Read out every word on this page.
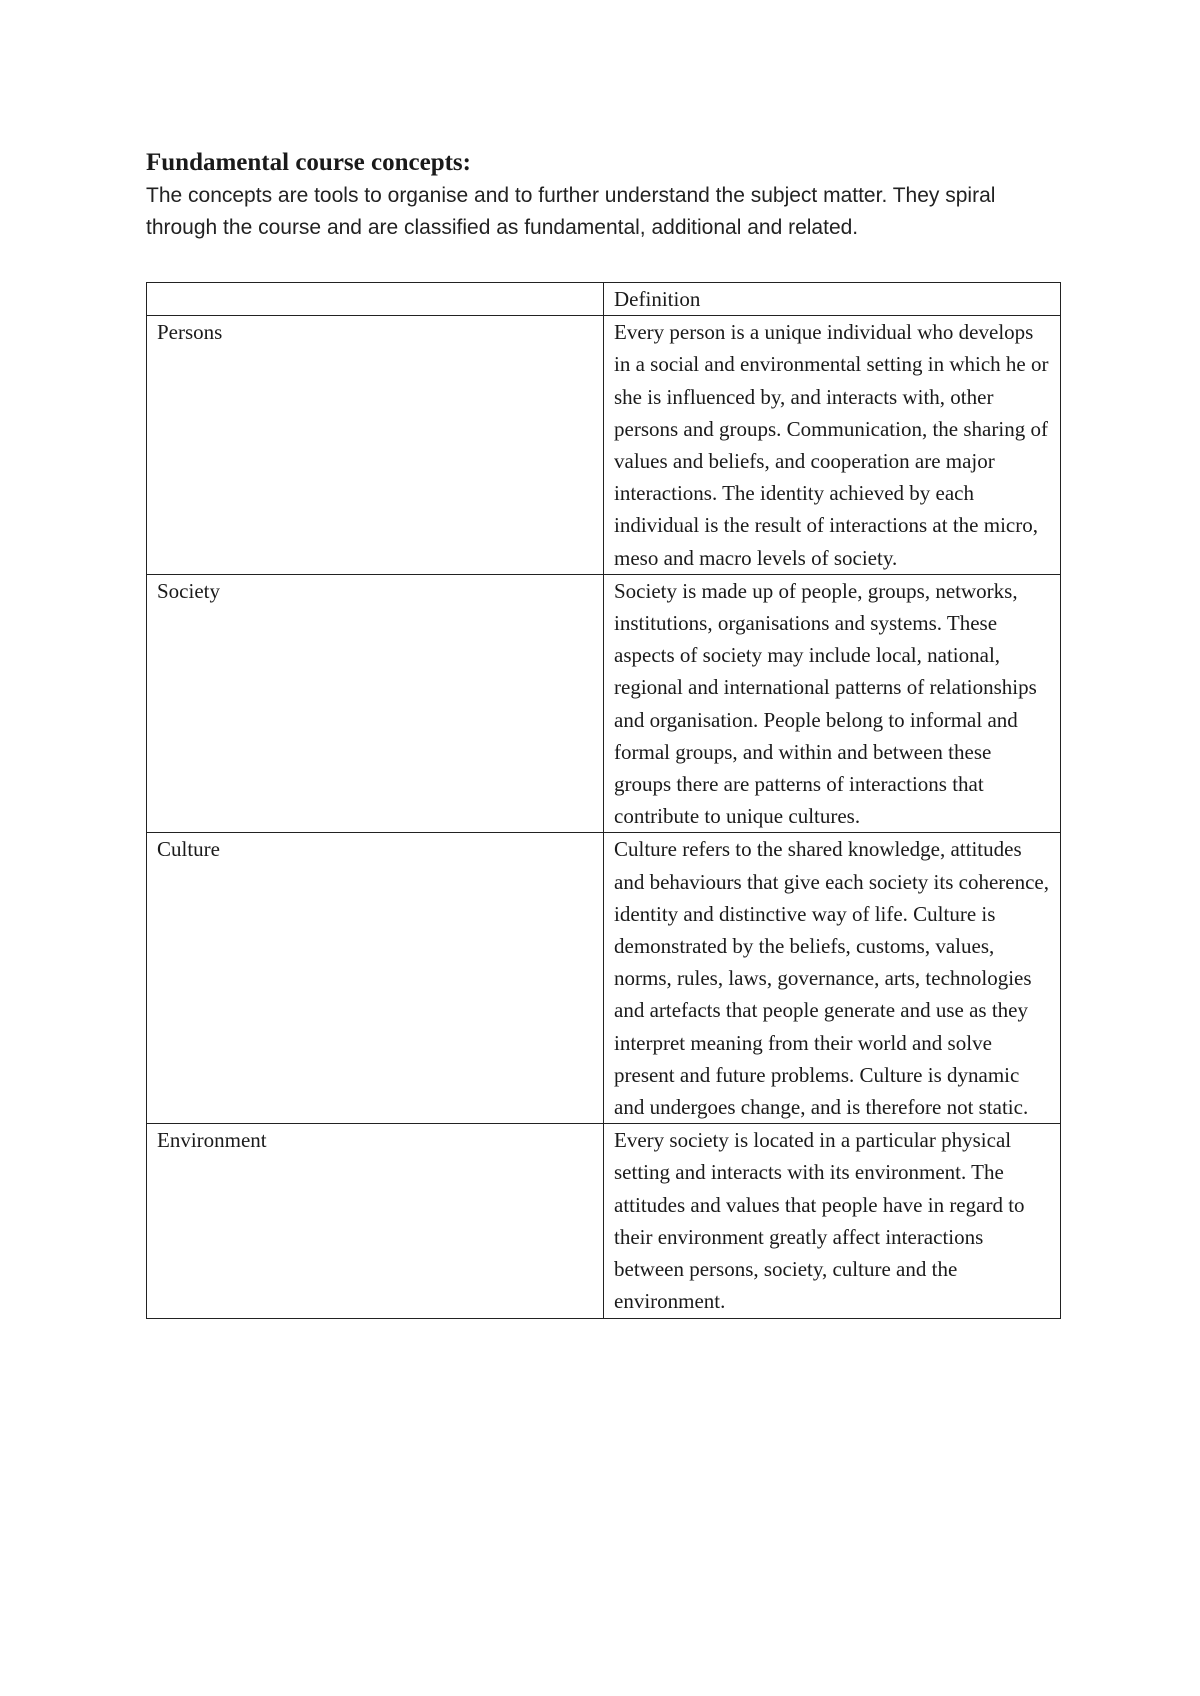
Fundamental course concepts:

The concepts are tools to organise and to further understand the subject matter. They spiral through the course and are classified as fundamental, additional and related.

	Definition
Persons	Every person is a unique individual who develops in a social and environmental setting in which he or she is influenced by, and interacts with, other persons and groups. Communication, the sharing of values and beliefs, and cooperation are major interactions. The identity achieved by each individual is the result of interactions at the micro, meso and macro levels of society.
Society	Society is made up of people, groups, networks, institutions, organisations and systems. These aspects of society may include local, national, regional and international patterns of relationships and organisation. People belong to informal and formal groups, and within and between these groups there are patterns of interactions that contribute to unique cultures.
Culture	Culture refers to the shared knowledge, attitudes and behaviours that give each society its coherence, identity and distinctive way of life. Culture is demonstrated by the beliefs, customs, values, norms, rules, laws, governance, arts, technologies and artefacts that people generate and use as they interpret meaning from their world and solve present and future problems. Culture is dynamic and undergoes change, and is therefore not static.
Environment	Every society is located in a particular physical setting and interacts with its environment. The attitudes and values that people have in regard to their environment greatly affect interactions between persons, society, culture and the environment.
